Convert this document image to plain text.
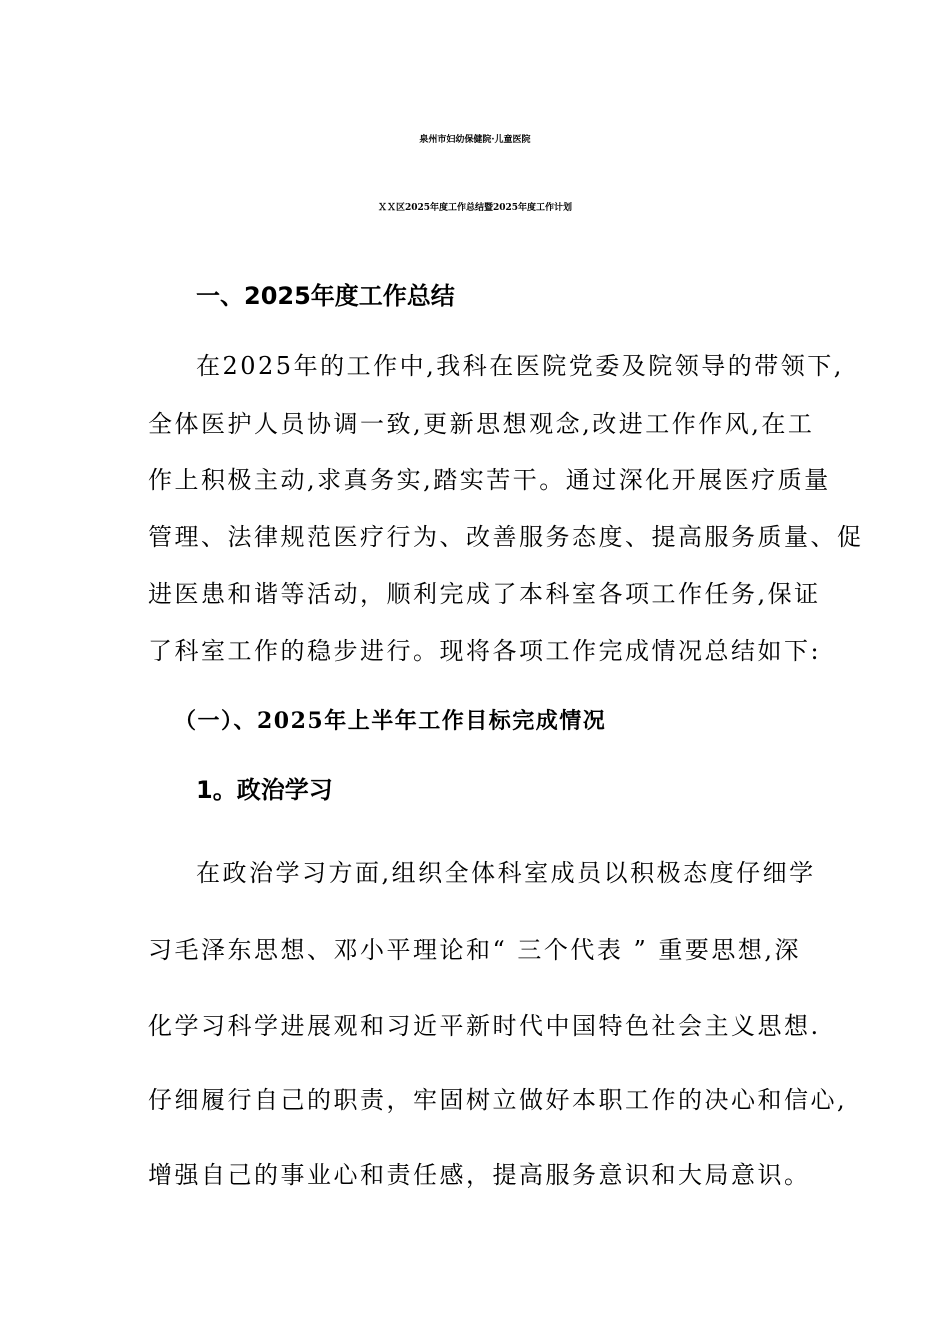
泉州市妇幼保健院·儿童医院
ＸＸ区2025年度工作总结暨2025年度工作计划
一、2025年度工作总结

在2025年的工作中,我科在医院党委及院领导的带领下,

全体医护人员协调一致,更新思想观念,改进工作作风,在工

作上积极主动,求真务实,踏实苦干。通过深化开展医疗质量

管理、法律规范医疗行为、改善服务态度、提高服务质量、促

进医患和谐等活动，顺利完成了本科室各项工作任务,保证

了科室工作的稳步进行。现将各项工作完成情况总结如下:

（一）、2025年上半年工作目标完成情况
1。政治学习

在政治学习方面,组织全体科室成员以积极态度仔细学

习毛泽东思想、邓小平理论和“ 三个代表 ” 重要思想,深

化学习科学进展观和习近平新时代中国特色社会主义思想.

仔细履行自己的职责，牢固树立做好本职工作的决心和信心,

增强自己的事业心和责任感，提高服务意识和大局意识。
